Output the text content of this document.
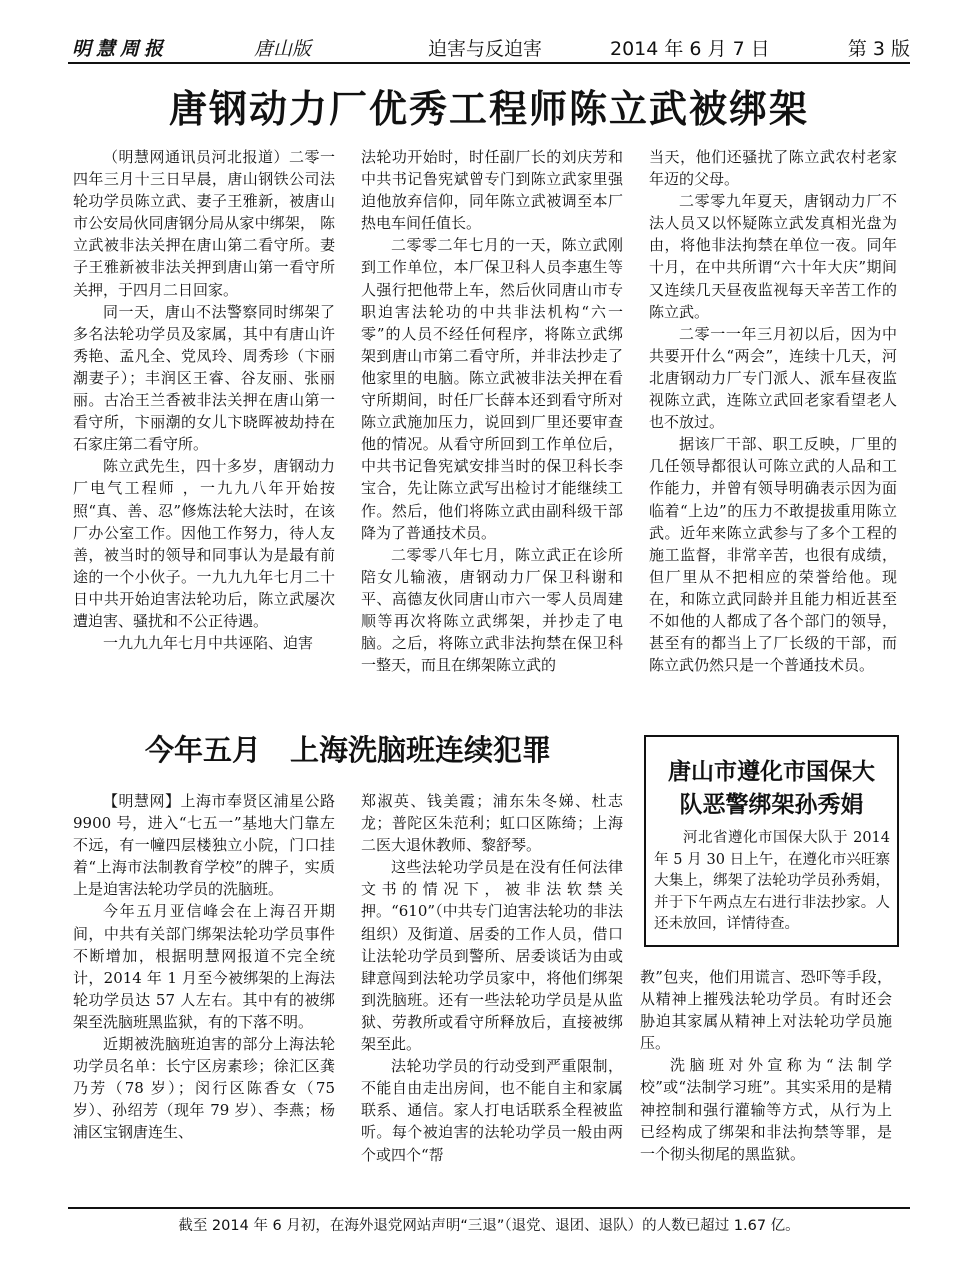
明慧周报	唐山版	迫害与反迫害	2014 年 6 月 7 日	第 3 版
唐钢动力厂优秀工程师陈立武被绑架

（明慧网通讯员河北报道）二零一四年三月十三日早晨，唐山钢铁公司法轮功学员陈立武、妻子王雅新，被唐山市公安局伙同唐钢分局从家中绑架， 陈立武被非法关押在唐山第二看守所。妻子王雅新被非法关押到唐山第一看守所关押，于四月二日回家。

同一天，唐山不法警察同时绑架了多名法轮功学员及家属，其中有唐山许秀艳、孟凡全、党凤玲、周秀珍（卞丽潮妻子）；丰润区王睿、谷友丽、张丽丽。古冶王兰香被非法关押在唐山第一看守所，卞丽潮的女儿卞晓晖被劫持在石家庄第二看守所。

陈立武先生，四十多岁，唐钢动力厂电气工程师 ，一九九八年开始按照“真、善、忍”修炼法轮大法时，在该厂办公室工作。因他工作努力，待人友善，被当时的领导和同事认为是最有前途的一个小伙子。一九九九年七月二十日中共开始迫害法轮功后，陈立武屡次遭迫害、骚扰和不公正待遇。

一九九九年七月中共诬陷、迫害

法轮功开始时，时任副厂长的刘庆芳和中共书记鲁宪斌曾专门到陈立武家里强迫他放弃信仰，同年陈立武被调至本厂热电车间任值长。

二零零二年七月的一天，陈立武刚到工作单位，本厂保卫科人员李惠生等人强行把他带上车，然后伙同唐山市专职迫害法轮功的中共非法机构“六一零”的人员不经任何程序，将陈立武绑架到唐山市第二看守所，并非法抄走了他家里的电脑。陈立武被非法关押在看守所期间，时任厂长薛本还到看守所对陈立武施加压力，说回到厂里还要审查他的情况。从看守所回到工作单位后，中共书记鲁宪斌安排当时的保卫科长李宝合，先让陈立武写出检讨才能继续工作。然后，他们将陈立武由副科级干部降为了普通技术员。

二零零八年七月，陈立武正在诊所陪女儿输液，唐钢动力厂保卫科谢和平、高德友伙同唐山市六一零人员周建顺等再次将陈立武绑架，并抄走了电脑。之后，将陈立武非法拘禁在保卫科一整天，而且在绑架陈立武的

当天，他们还骚扰了陈立武农村老家年迈的父母。

二零零九年夏天，唐钢动力厂不法人员又以怀疑陈立武发真相光盘为由，将他非法拘禁在单位一夜。同年十月，在中共所谓“六十年大庆”期间又连续几天昼夜监视每天辛苦工作的陈立武。

二零一一年三月初以后，因为中共要开什么“两会”，连续十几天，河北唐钢动力厂专门派人、派车昼夜监视陈立武，连陈立武回老家看望老人也不放过。

据该厂干部、职工反映，厂里的几任领导都很认可陈立武的人品和工作能力，并曾有领导明确表示因为面临着“上边”的压力不敢提拔重用陈立武。近年来陈立武参与了多个工程的施工监督，非常辛苦，也很有成绩，但厂里从不把相应的荣誉给他。现在，和陈立武同龄并且能力相近甚至不如他的人都成了各个部门的领导，甚至有的都当上了厂长级的干部，而陈立武仍然只是一个普通技术员。

今年五月　上海洗脑班连续犯罪

【明慧网】上海市奉贤区浦星公路 9900 号，进入“七五一”基地大门靠左不远，有一幢四层楼独立小院，门口挂着“上海市法制教育学校”的牌子，实质上是迫害法轮功学员的洗脑班。

今年五月亚信峰会在上海召开期间，中共有关部门绑架法轮功学员事件不断增加，根据明慧网报道不完全统计，2014 年 1 月至今被绑架的上海法轮功学员达 57 人左右。其中有的被绑架至洗脑班黑监狱，有的下落不明。

近期被洗脑班迫害的部分上海法轮功学员名单：长宁区房素珍；徐汇区龚乃芳（78 岁）；闵行区陈香女（75 岁）、孙绍芳（现年 79 岁）、李燕；杨浦区宝钢唐连生、

郑淑英、钱美霞；浦东朱冬娣、杜志龙；普陀区朱范利；虹口区陈绮；上海二医大退休教师、黎舒琴。

这些法轮功学员是在没有任何法律文书的情况下，被非法软禁关押。“610”（中共专门迫害法轮功的非法组织）及街道、居委的工作人员，借口让法轮功学员到警所、居委谈话为由或肆意闯到法轮功学员家中，将他们绑架到洗脑班。还有一些法轮功学员是从监狱、劳教所或看守所释放后，直接被绑架至此。

法轮功学员的行动受到严重限制，不能自由走出房间，也不能自主和家属联系、通信。家人打电话联系全程被监听。每个被迫害的法轮功学员一般由两个或四个“帮

教”包夹，他们用谎言、恐吓等手段，从精神上摧残法轮功学员。有时还会胁迫其家属从精神上对法轮功学员施压。

洗脑班对外宣称为“法制学校”或“法制学习班”。其实采用的是精神控制和强行灌输等方式，从行为上已经构成了绑架和非法拘禁等罪，是一个彻头彻尾的黑监狱。

唐山市遵化市国保大
队恶警绑架孙秀娟

河北省遵化市国保大队于 2014 年 5 月 30 日上午，在遵化市兴旺寨大集上，绑架了法轮功学员孙秀娟，并于下午两点左右进行非法抄家。人还未放回，详情待查。

截至 2014 年 6 月初，在海外退党网站声明“三退”（退党、退团、退队）的人数已超过 1.67 亿。
